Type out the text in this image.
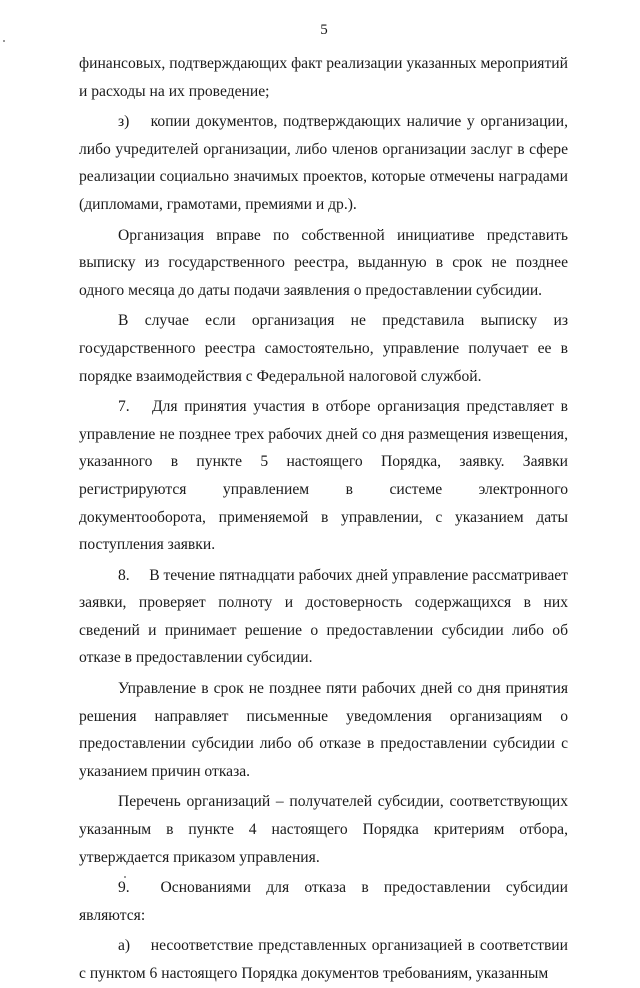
5

финансовых, подтверждающих факт реализации указанных мероприятий и расходы на их проведение;

з)  копии документов, подтверждающих наличие у организации, либо учредителей организации, либо членов организации заслуг в сфере реализации социально значимых проектов, которые отмечены наградами (дипломами, грамотами, премиями и др.).

Организация вправе по собственной инициативе представить выписку из государственного реестра, выданную в срок не позднее одного месяца до даты подачи заявления о предоставлении субсидии.

В случае если организация не представила выписку из государственного реестра самостоятельно, управление получает ее в порядке взаимодействия с Федеральной налоговой службой.

7.  Для принятия участия в отборе организация представляет в управление не позднее трех рабочих дней со дня размещения извещения, указанного в пункте 5 настоящего Порядка, заявку. Заявки регистрируются управлением в системе электронного документооборота, применяемой в управлении, с указанием даты поступления заявки.

8.  В течение пятнадцати рабочих дней управление рассматривает заявки, проверяет полноту и достоверность содержащихся в них сведений и принимает решение о предоставлении субсидии либо об отказе в предоставлении субсидии.

Управление в срок не позднее пяти рабочих дней со дня принятия решения направляет письменные уведомления организациям о предоставлении субсидии либо об отказе в предоставлении субсидии с указанием причин отказа.

Перечень организаций – получателей субсидии, соответствующих указанным в пункте 4 настоящего Порядка критериям отбора, утверждается приказом управления.

9.  Основаниями для отказа в предоставлении субсидии являются:

а)  несоответствие представленных организацией в соответствии с пунктом 6 настоящего Порядка документов требованиям, указанным
